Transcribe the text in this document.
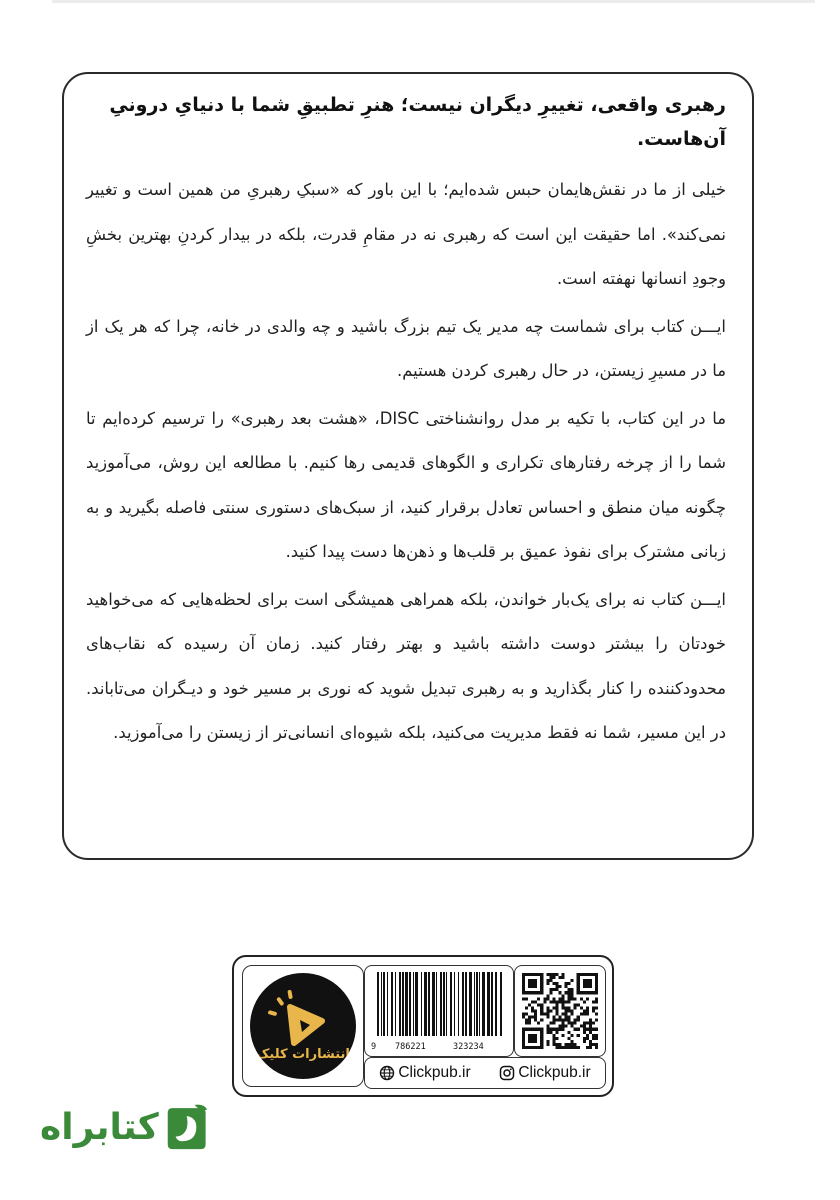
رهبری واقعی، تغییرِ دیگران نیست؛ هنرِ تطبیقِ شما با دنیایِ درونیِ آن‌هاست.

خیلی از ما در نقش‌هایمان حبس شده‌ایم؛ با این باور که «سبکِ رهبریِ من همین است و تغییر نمی‌کند». اما حقیقت این است که رهبری نه در مقامِ قدرت، بلکه در بیدار کردنِ بهترین بخشِ وجودِ انسانها نهفته است.

ایـــن کتاب برای شماست چه مدیر یک تیم بزرگ باشید و چه والدی در خانه، چرا که هر یک از ما در مسیرِ زیستن، در حال رهبری کردن هستیم.

ما در این کتاب، با تکیه بر مدل روانشناختی DISC، «هشت بعد رهبری» را ترسیم کرده‌ایم تا شما را از چرخه رفتارهای تکراری و الگوهای قدیمی رها کنیم. با مطالعه این روش، می‌آموزید چگونه میان منطق و احساس تعادل برقرار کنید، از سبک‌های دستوری سنتی فاصله بگیرید و به زبانی مشترک برای نفوذ عمیق بر قلب‌ها و ذهن‌ها دست پیدا کنید.

ایـــن کتاب نه برای یک‌بار خواندن، بلکه همراهی همیشگی است برای لحظه‌هایی که می‌خواهید خودتان را بیشتر دوست داشته باشید و بهتر رفتار کنید. زمان آن رسیده که نقاب‌های محدودکننده را کنار بگذارید و به رهبری تبدیل شوید که نوری بر مسیر خود و دیـگران می‌تاباند. در این مسیر، شما نه فقط مدیریت می‌کنید، بلکه شیوه‌ای انسانی‌تر از زیستن را می‌آموزید.

انتشارات کلیک	9 786221	323234
Clickpub.ir	Clickpub.ir
کتابراه
